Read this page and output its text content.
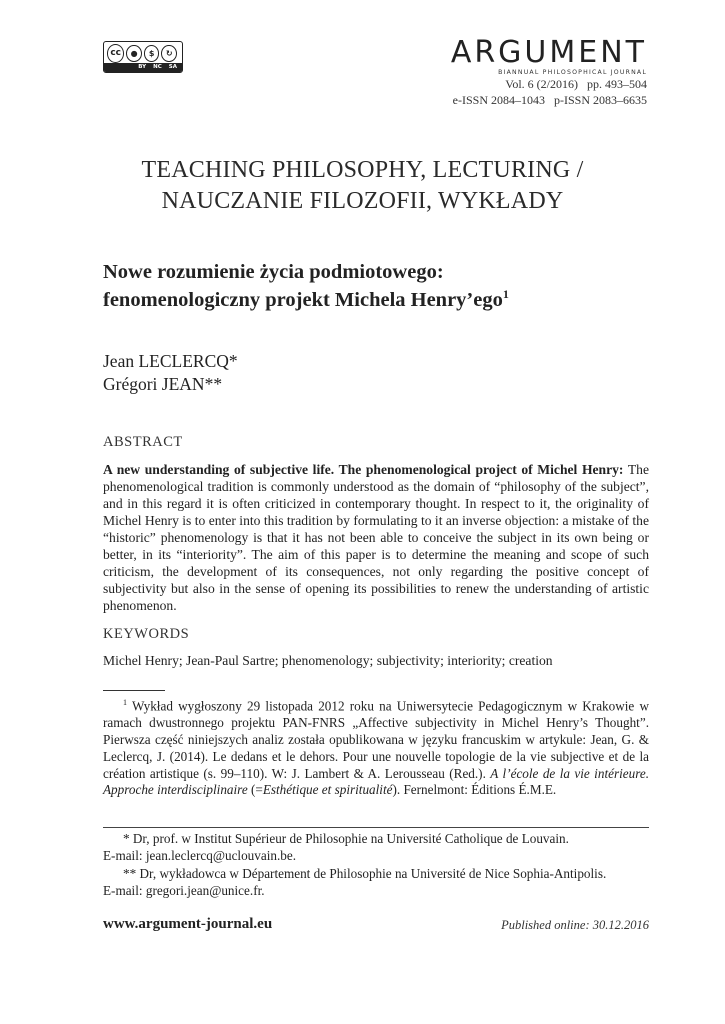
cc	●	$	↻
BY NC SA	ARGUMENT
BIANNUAL PHILOSOPHICAL JOURNAL
Vol. 6 (2/2016)   pp. 493–504
e-ISSN 2084–1043   p-ISSN 2083–6635
TEACHING PHILOSOPHY, LECTURING /
NAUCZANIE FILOZOFII, WYKŁADY
Nowe rozumienie życia podmiotowego:
fenomenologiczny projekt Michela Henry’ego$^1$
Jean LECLERCQ*
Grégori JEAN**
ABSTRACT
A new understanding of subjective life. The phenomenological project of Michel Henry: The phenomenological tradition is commonly understood as the domain of “philosophy of the subject”, and in this regard it is often criticized in contemporary thought. In respect to it, the originality of Michel Henry is to enter into this tradition by formulating to it an inverse objection: a mistake of the “historic” phenomenology is that it has not been able to conceive the subject in its own being or better, in its “interiority”. The aim of this paper is to determine the meaning and scope of such criticism, the development of its consequences, not only regarding the positive concept of subjectivity but also in the sense of opening its possibilities to renew the understanding of artistic phenomenon.
KEYWORDS
Michel Henry; Jean-Paul Sartre; phenomenology; subjectivity; interiority; creation
$^1$ Wykład wygłoszony 29 listopada 2012 roku na Uniwersytecie Pedagogicznym w Krakowie w ramach dwustronnego projektu PAN-FNRS „Affective subjectivity in Michel Henry’s Thought”. Pierwsza część niniejszych analiz została opublikowana w języku francuskim w artykule: Jean, G. & Leclercq, J. (2014). Le dedans et le dehors. Pour une nouvelle topologie de la vie subjective et de la création artistique (s. 99–110). W: J. Lambert & A. Lerousseau (Red.). A l’école de la vie intérieure. Approche interdisciplinaire (=Esthétique et spiritualité). Fernelmont: Éditions É.M.E.
* Dr, prof. w Institut Supérieur de Philosophie na Université Catholique de Louvain.
E-mail: jean.leclercq@uclouvain.be.
** Dr, wykładowca w Département de Philosophie na Université de Nice Sophia-Antipolis.
E-mail: gregori.jean@unice.fr.
www.argument-journal.eu	Published online: 30.12.2016
